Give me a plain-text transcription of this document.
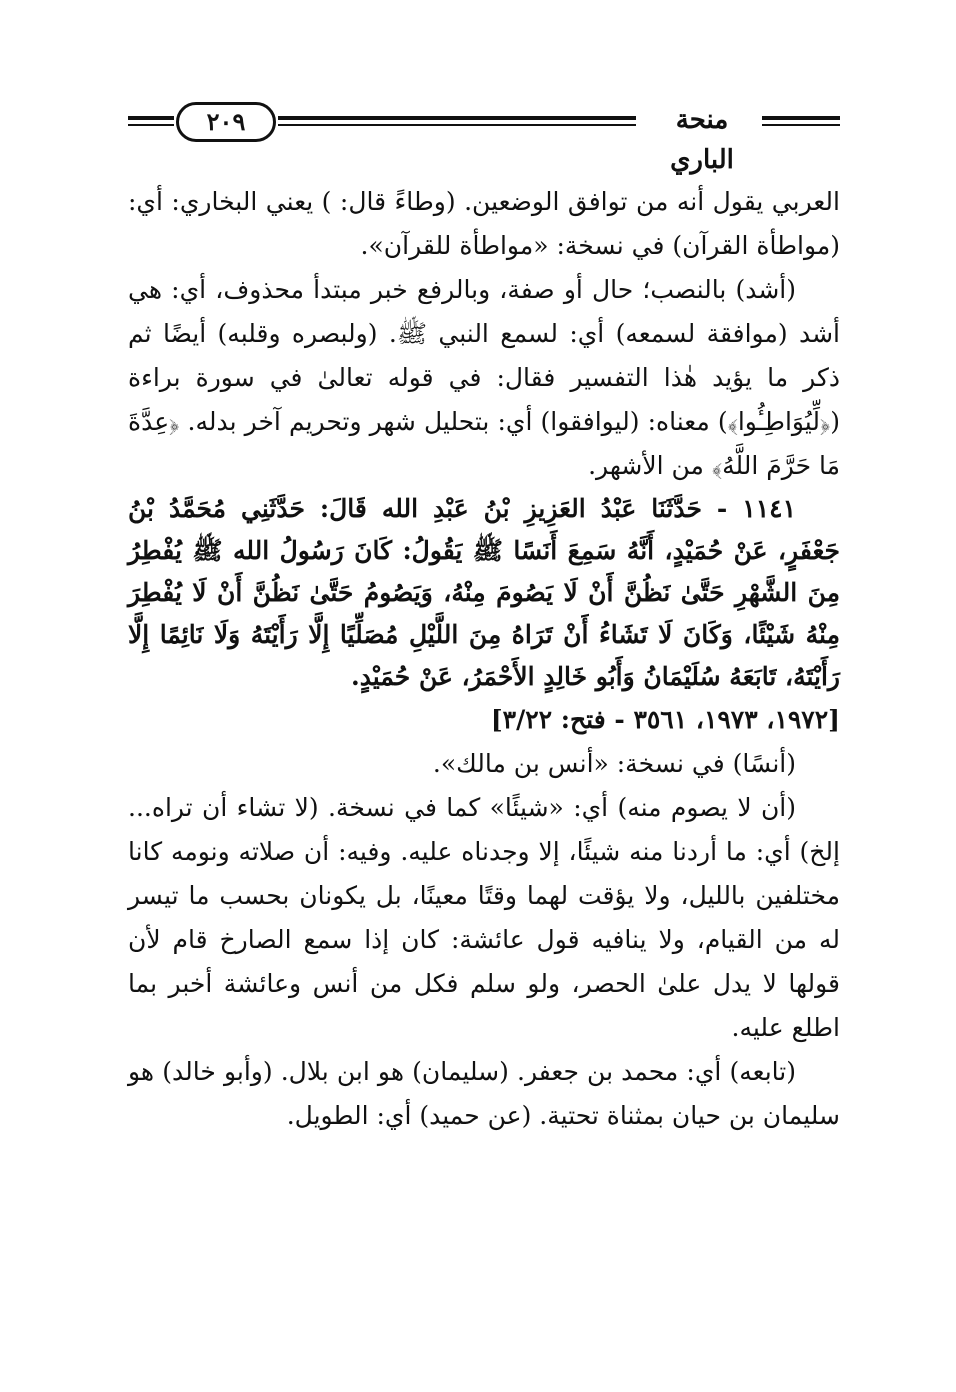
٢٠٩	منحة الباري

العربي يقول أنه من توافق الوضعين. (وطاءً قال: ) يعني البخاري: أي: (مواطأة القرآن) في نسخة: «مواطأة للقرآن».

(أشد) بالنصب؛ حال أو صفة، وبالرفع خبر مبتدأ محذوف، أي: هي أشد (موافقة لسمعه) أي: لسمع النبي ﷺ. (ولبصره وقلبه) أيضًا ثم ذكر ما يؤيد هٰذا التفسير فقال: في قوله تعالىٰ في سورة براءة (﴿لِّيُوَاطِـُٔوا﴾) معناه: (ليوافقوا) أي: بتحليل شهر وتحريم آخر بدله. ﴿عِدَّةَ مَا حَرَّمَ اللَّهُ﴾ من الأشهر.

١١٤١ - حَدَّثَنَا عَبْدُ العَزِيزِ بْنُ عَبْدِ الله قَالَ: حَدَّثَنِي مُحَمَّدُ بْنُ جَعْفَرٍ، عَنْ حُمَيْدٍ، أَنَّهُ سَمِعَ أَنَسًا ﷺ يَقُولُ: كَانَ رَسُولُ الله ﷺ يُفْطِرُ مِنَ الشَّهْرِ حَتَّىٰ نَظُنَّ أَنْ لَا يَصُومَ مِنْهُ، وَيَصُومُ حَتَّىٰ نَظُنَّ أَنْ لَا يُفْطِرَ مِنْهُ شَيْئًا، وَكَانَ لَا تَشَاءُ أَنْ تَرَاهُ مِنَ اللَّيْلِ مُصَلِّيًا إِلَّا رَأَيْتَهُ وَلَا نَائِمًا إِلَّا رَأَيْتَهُ، تَابَعَهُ سُلَيْمَانُ وَأَبُو خَالِدٍ الأَحْمَرُ، عَنْ حُمَيْدٍ.

[١٩٧٢، ١٩٧٣، ٣٥٦١ - فتح: ٣/٢٢]

(أنسًا) في نسخة: «أنس بن مالك».

(أن لا يصوم منه) أي: «شيئًا» كما في نسخة. (لا تشاء أن تراه... إلخ) أي: ما أردنا منه شيئًا، إلا وجدناه عليه. وفيه: أن صلاته ونومه كانا مختلفين بالليل، ولا يؤقت لهما وقتًا معينًا، بل يكونان بحسب ما تيسر له من القيام، ولا ينافيه قول عائشة: كان إذا سمع الصارخ قام لأن قولها لا يدل علىٰ الحصر، ولو سلم فكل من أنس وعائشة أخبر بما اطلع عليه.

(تابعه) أي: محمد بن جعفر. (سليمان) هو ابن بلال. (وأبو خالد) هو سليمان بن حيان بمثناة تحتية. (عن حميد) أي: الطويل.
